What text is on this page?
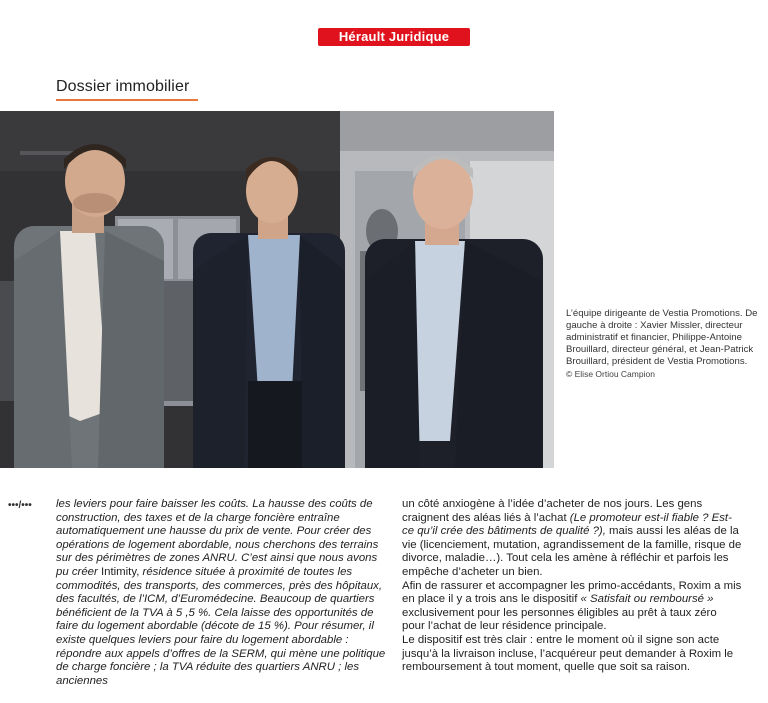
Hérault Juridique
Dossier immobilier
L’équipe dirigeante de Vestia Promotions. De gauche à droite : Xavier Missler, directeur administratif et financier, Philippe-Antoine Brouillard, directeur général, et Jean-Patrick Brouillard, président de Vestia Promotions.
© Elise Ortiou Campion
•••/••• les leviers pour faire baisser les coûts. La hausse des coûts de construction, des taxes et de la charge foncière entraîne automatiquement une hausse du prix de vente. Pour créer des opérations de logement abordable, nous cherchons des terrains sur des périmètres de zones ANRU. C’est ainsi que nous avons pu créer Intimity, résidence située à proximité de toutes les commodités, des transports, des commerces, près des hôpitaux, des facultés, de l’ICM, d’Euromédecine. Beaucoup de quartiers bénéficient de la TVA à 5 ,5 %. Cela laisse des opportunités de faire du logement abordable (décote de 15 %). Pour résumer, il existe quelques leviers pour faire du logement abordable : répondre aux appels d’offres de la SERM, qui mène une politique de charge foncière ; la TVA réduite des quartiers ANRU ; les anciennes

un côté anxiogène à l’idée d’acheter de nos jours. Les gens craignent des aléas liés à l’achat (Le promoteur est-il fiable ? Est-ce qu’il crée des bâtiments de qualité ?), mais aussi les aléas de la vie (licenciement, mutation, agrandissement de la famille, risque de divorce, maladie…). Tout cela les amène à réfléchir et parfois les empêche d’acheter un bien.

Afin de rassurer et accompagner les primo-accédants, Roxim a mis en place il y a trois ans le dispositif « Satisfait ou remboursé » exclusivement pour les personnes éligibles au prêt à taux zéro pour l’achat de leur résidence principale.

Le dispositif est très clair : entre le moment où il signe son acte jusqu’à la livraison incluse, l’acquéreur peut demander à Roxim le remboursement à tout moment, quelle que soit sa raison.
